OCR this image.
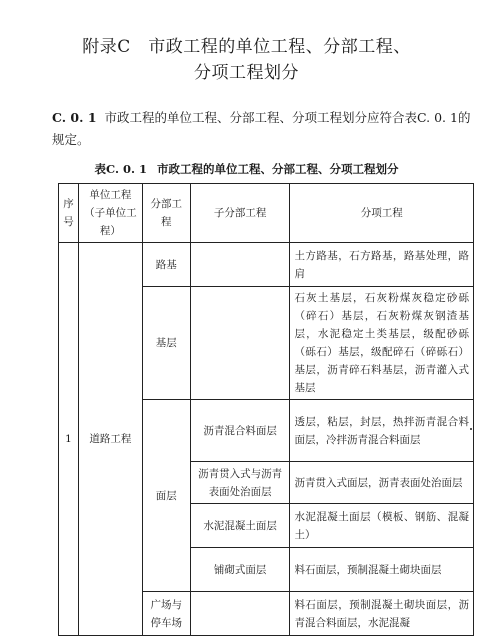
附录C　市政工程的单位工程、分部工程、
分项工程划分
C. 0. 1 市政工程的单位工程、分部工程、分项工程划分应符合表C. 0. 1的规定。
表C. 0. 1 市政工程的单位工程、分部工程、分项工程划分
序号	单位工程（子单位工程）	分部工程	子分部工程	分项工程
1	道路工程	路基		土方路基，石方路基，路基处理，路肩
		基层		石灰土基层，石灰粉煤灰稳定砂砾（碎石）基层，石灰粉煤灰钢渣基层，水泥稳定土类基层，级配砂砾（砾石）基层，级配碎石（碎砾石）基层，沥青碎石料基层，沥青灌入式基层
		面层	沥青混合料面层	透层，粘层，封层，热拌沥青混合料面层，冷拌沥青混合料面层
			沥青贯入式与沥青表面处治面层	沥青贯入式面层，沥青表面处治面层
			水泥混凝土面层	水泥混凝土面层（模板、钢筋、混凝土）
			铺砌式面层	料石面层，预制混凝土砌块面层
		广场与停车场		料石面层，预制混凝土砌块面层，沥青混合料面层，水泥混凝
